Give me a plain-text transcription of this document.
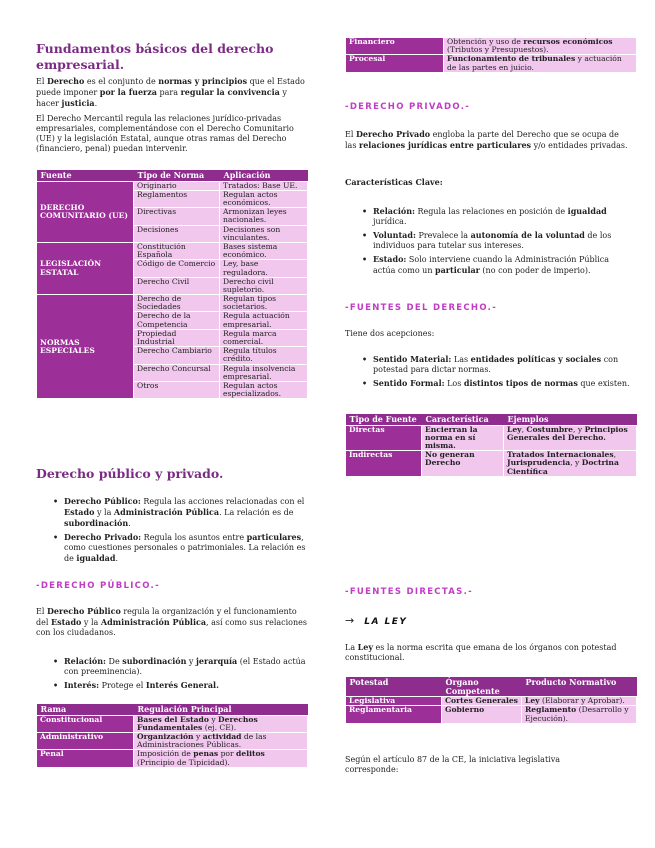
Fundamentos básicos del derecho empresarial.

El Derecho es el conjunto de normas y principios que el Estado puede imponer por la fuerza para regular la convivencia y hacer justicia.

El Derecho Mercantil regula las relaciones jurídico-privadas empresariales, complementándose con el Derecho Comunitario (UE) y la legislación Estatal, aunque otras ramas del Derecho (financiero, penal) puedan intervenir.

Fuente	Tipo de Norma	Aplicación
DERECHO COMUNITARIO (UE)	Originario	Tratados: Base UE.
	Reglamentos	Regulan actos económicos.
	Directivas	Armonizan leyes nacionales.
	Decisiones	Decisiones son vinculantes.
LEGISLACIÓN ESTATAL	Constitución Española	Bases sistema económico.
	Código de Comercio	Ley, base reguladora.
	Derecho Civil	Derecho civil supletorio.
NORMAS ESPECIALES	Derecho de Sociedades	Regulan tipos societarios.
	Derecho de la Competencia	Regula actuación empresarial.
	Propiedad Industrial	Regula marca comercial.
	Derecho Cambiario	Regula títulos crédito.
	Derecho Concursal	Regula insolvencia empresarial.
	Otros	Regulan actos especializados.
Derecho público y privado.
• Derecho Público: Regula las acciones relacionadas con el Estado y la Administración Pública. La relación es de subordinación.
• Derecho Privado: Regula los asuntos entre particulares, como cuestiones personales o patrimoniales. La relación es de igualdad.
-DERECHO PÚBLICO.-

El Derecho Público regula la organización y el funcionamiento del Estado y la Administración Pública, así como sus relaciones con los ciudadanos.

• Relación: De subordinación y jerarquía (el Estado actúa con preeminencia).
• Interés: Protege el Interés General.
Rama	Regulación Principal
Constitucional	Bases del Estado y Derechos Fundamentales (ej. CE).
Administrativo	Organización y actividad de las Administraciones Públicas.
Penal	Imposición de penas por delitos (Principio de Tipicidad).
Financiero	Obtención y uso de recursos económicos (Tributos y Presupuestos).
Procesal	Funcionamiento de tribunales y actuación de las partes en juicio.
-DERECHO PRIVADO.-

El Derecho Privado engloba la parte del Derecho que se ocupa de las relaciones jurídicas entre particulares y/o entidades privadas.

Características Clave:

• Relación: Regula las relaciones en posición de igualdad jurídica.
• Voluntad: Prevalece la autonomía de la voluntad de los individuos para tutelar sus intereses.
• Estado: Solo interviene cuando la Administración Pública actúa como un particular (no con poder de imperio).
-FUENTES DEL DERECHO.-

Tiene dos acepciones:

• Sentido Material: Las entidades políticas y sociales con potestad para dictar normas.
• Sentido Formal: Los distintos tipos de normas que existen.
Tipo de Fuente	Característica	Ejemplos
Directas	Encierran la norma en sí misma.	Ley, Costumbre, y Principios Generales del Derecho.
Indirectas	No generan Derecho	Tratados Internacionales, Jurisprudencia, y Doctrina Científica
-FUENTES DIRECTAS.-
→ LA LEY

La Ley es la norma escrita que emana de los órganos con potestad constitucional.

Potestad	Órgano Competente	Producto Normativo
Legislativa	Cortes Generales	Ley (Elaborar y Aprobar).
Reglamentaria	Gobierno	Reglamento (Desarrollo y Ejecución).

Según el artículo 87 de la CE, la iniciativa legislativa corresponde:
